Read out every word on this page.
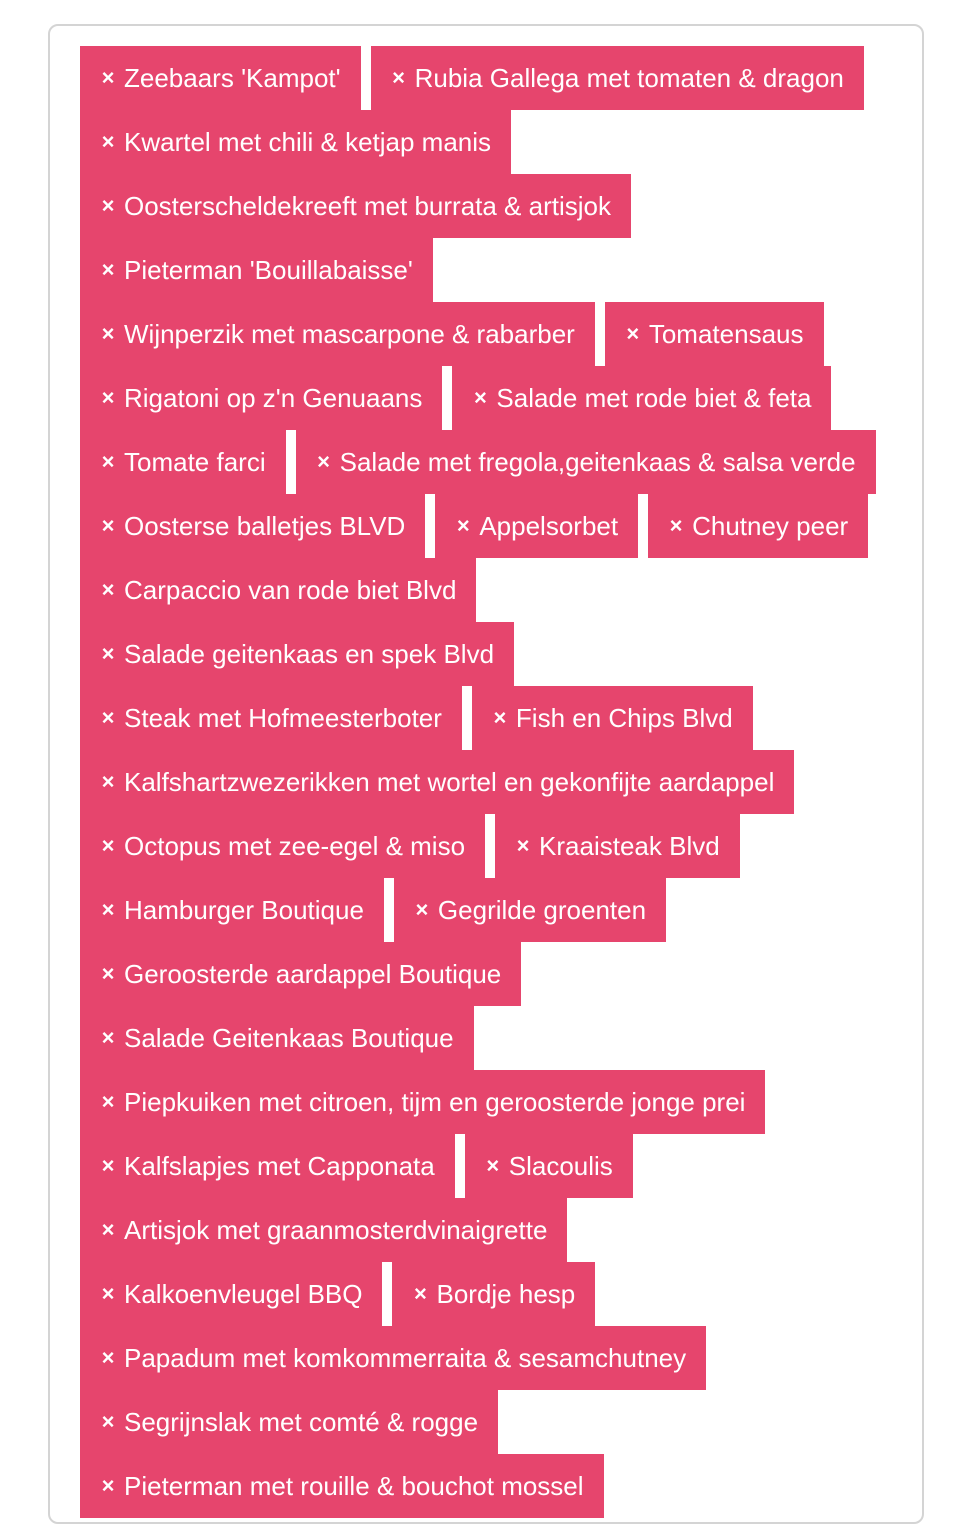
× Zeebaars 'Kampot' × Rubia Gallega met tomaten & dragon
× Kwartel met chili & ketjap manis
× Oosterscheldekreeft met burrata & artisjok
× Pieterman 'Bouillabaisse'
× Wijnperzik met mascarpone & rabarber × Tomatensaus
× Rigatoni op z'n Genuaans × Salade met rode biet & feta
× Tomate farci × Salade met fregola,geitenkaas & salsa verde
× Oosterse balletjes BLVD × Appelsorbet × Chutney peer
× Carpaccio van rode biet Blvd
× Salade geitenkaas en spek Blvd
× Steak met Hofmeesterboter × Fish en Chips Blvd
× Kalfshartzwezerikken met wortel en gekonfijte aardappel
× Octopus met zee-egel & miso × Kraaisteak Blvd
× Hamburger Boutique × Gegrilde groenten
× Geroosterde aardappel Boutique
× Salade Geitenkaas Boutique
× Piepkuiken met citroen, tijm en geroosterde jonge prei
× Kalfslapjes met Capponata × Slacoulis
× Artisjok met graanmosterdvinaigrette
× Kalkoenvleugel BBQ × Bordje hesp
× Papadum met komkommerraita & sesamchutney
× Segrijnslak met comté & rogge
× Pieterman met rouille & bouchot mossel
